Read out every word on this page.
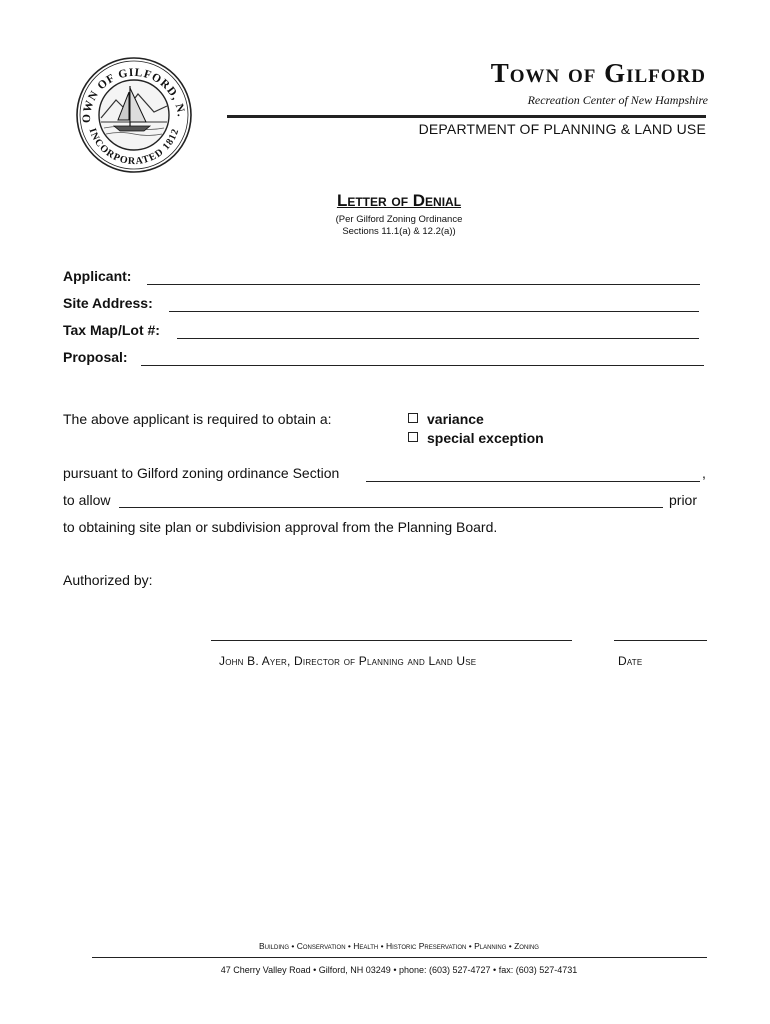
OWN OF GILFORD, N.
INCORPORATED 1812
Town of Gilford
Recreation Center of New Hampshire
DEPARTMENT OF PLANNING & LAND USE
Letter of Denial
(Per Gilford Zoning Ordinance
Sections 11.1(a) & 12.2(a))
Applicant:
Site Address:
Tax Map/Lot #:
Proposal:
The above applicant is required to obtain a:	variance
special exception
pursuant to Gilford zoning ordinance Section	,
to allow	prior
to obtaining site plan or subdivision approval from the Planning Board.
Authorized by:
John B. Ayer, Director of Planning and Land Use	Date
Building • Conservation • Health • Historic Preservation • Planning • Zoning
47 Cherry Valley Road • Gilford, NH 03249 • phone: (603) 527-4727 • fax: (603) 527-4731
